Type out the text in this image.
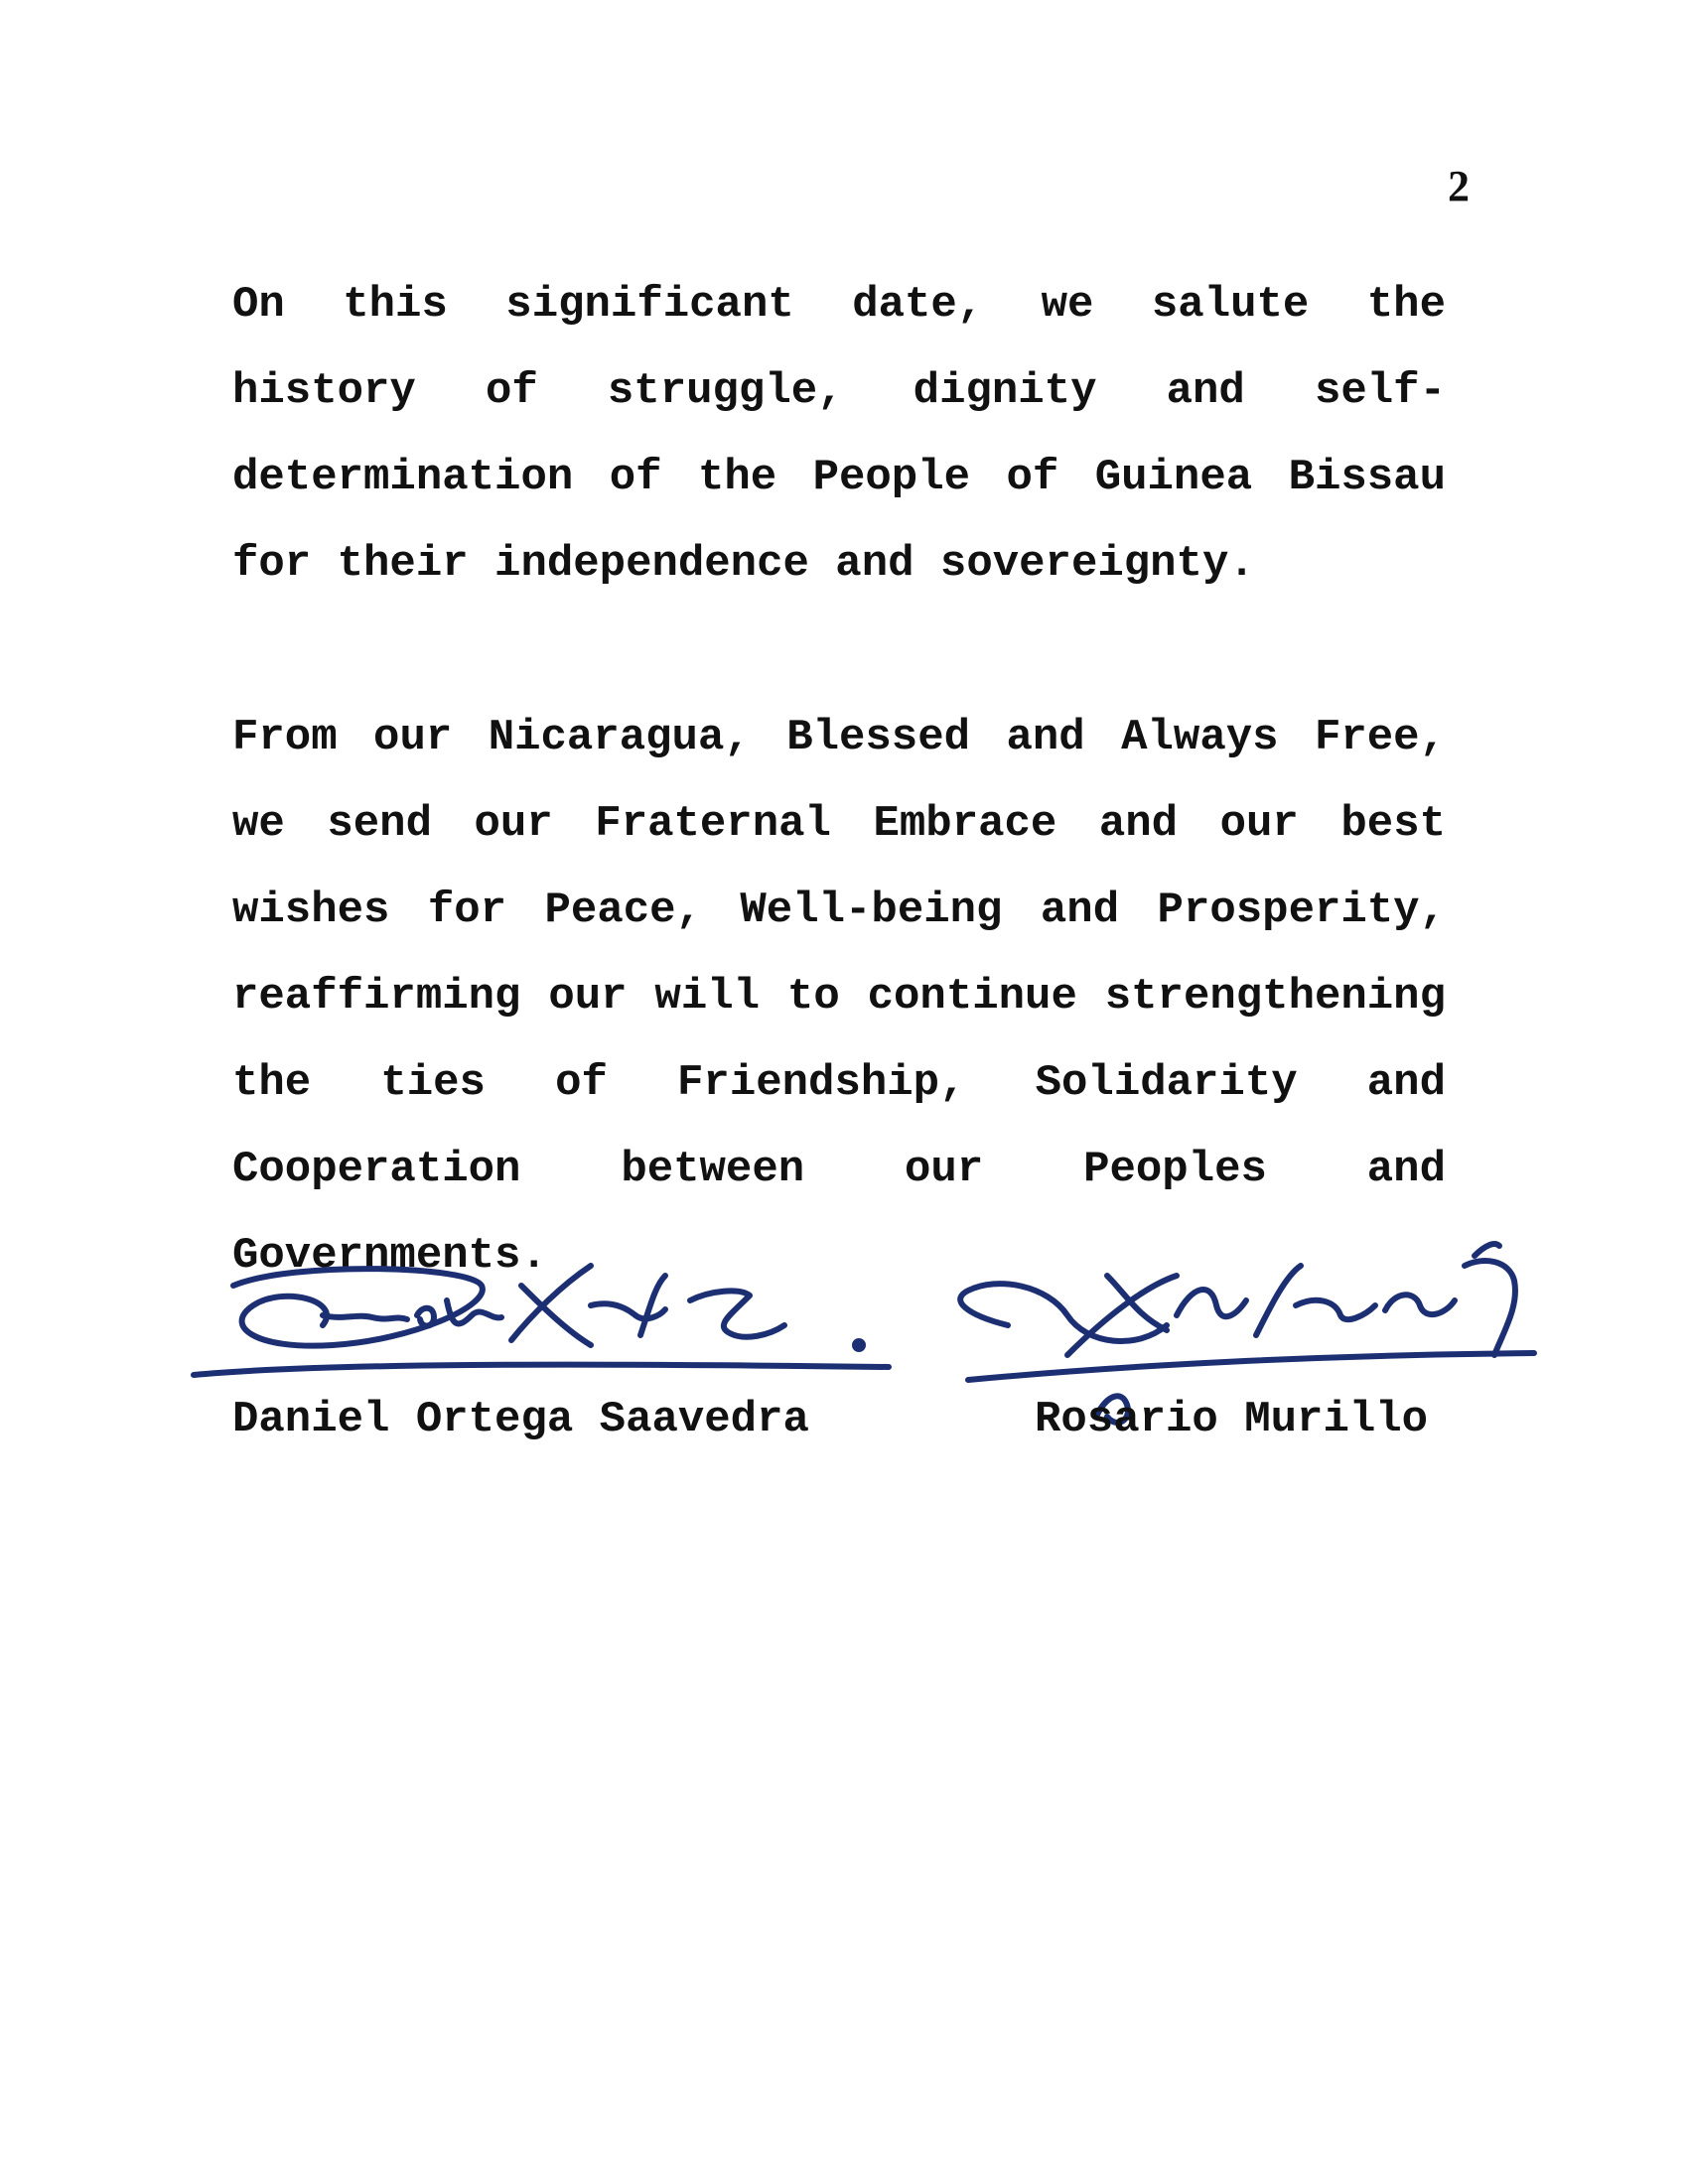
2

On this significant date, we salute the history of struggle, dignity and self-determination of the People of Guinea Bissau for their independence and sovereignty.

From our Nicaragua, Blessed and Always Free, we send our Fraternal Embrace and our best wishes for Peace, Well-being and Prosperity, reaffirming our will to continue strengthening the ties of Friendship, Solidarity and Cooperation between our Peoples and Governments.

Daniel Ortega Saavedra	Rosario Murillo
